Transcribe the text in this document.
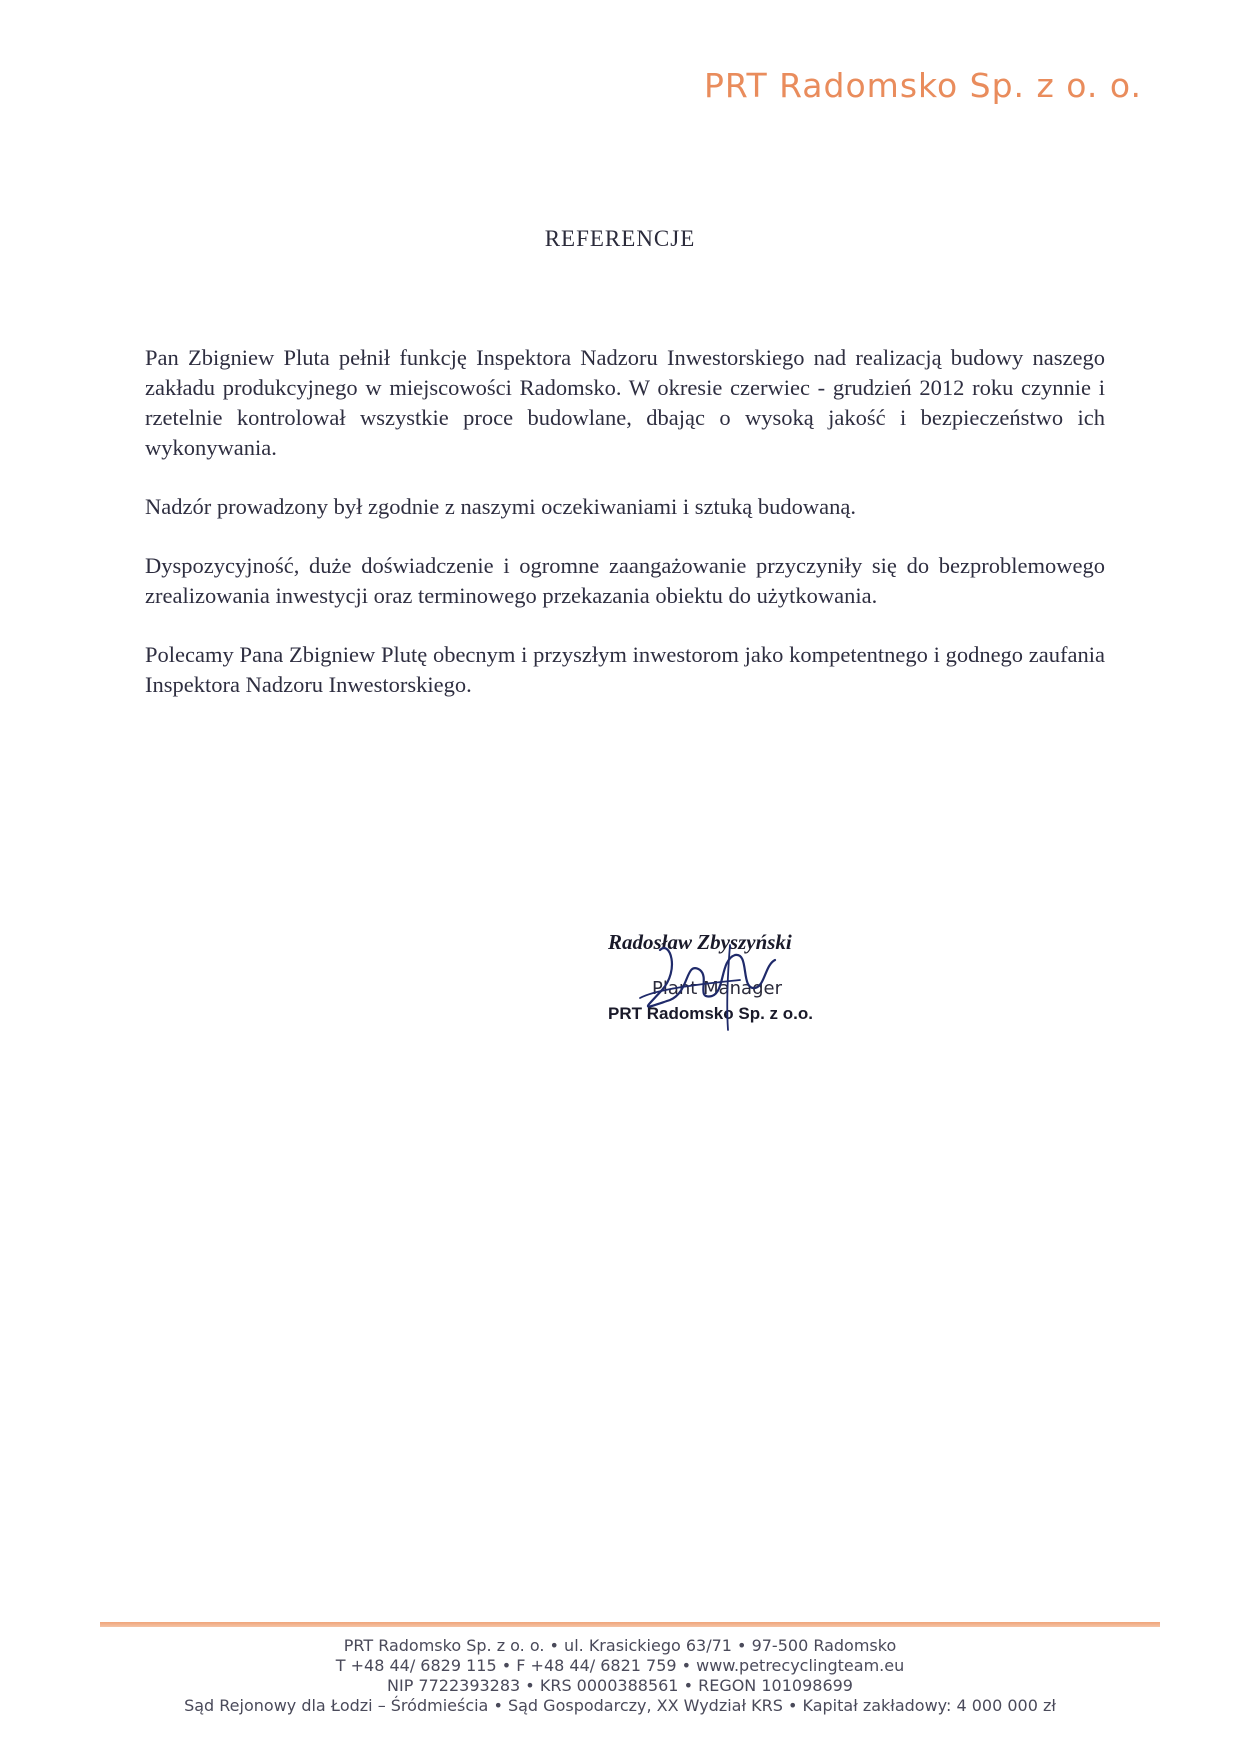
PRT Radomsko Sp. z o. o.
REFERENCJE

Pan Zbigniew Pluta pełnił funkcję Inspektora Nadzoru Inwestorskiego nad realizacją budowy naszego zakładu produkcyjnego w miejscowości Radomsko. W okresie czerwiec - grudzień 2012 roku czynnie i rzetelnie kontrolował wszystkie proce budowlane, dbając o wysoką jakość i bezpieczeństwo ich wykonywania.

Nadzór prowadzony był zgodnie z naszymi oczekiwaniami i sztuką budowaną.

Dyspozycyjność, duże doświadczenie i ogromne zaangażowanie przyczyniły się do bezproblemowego zrealizowania inwestycji oraz terminowego przekazania obiektu do użytkowania.

Polecamy Pana Zbigniew Plutę obecnym i przyszłym inwestorom jako kompetentnego i godnego zaufania Inspektora Nadzoru Inwestorskiego.

Radosław Zbyszyński
Plant Manager
PRT Radomsko Sp. z o.o.
PRT Radomsko Sp. z o. o. • ul. Krasickiego 63/71 • 97-500 Radomsko
T +48 44/ 6829 115 • F +48 44/ 6821 759 • www.petrecyclingteam.eu
NIP 7722393283 • KRS 0000388561 • REGON 101098699
Sąd Rejonowy dla Łodzi – Śródmieścia • Sąd Gospodarczy, XX Wydział KRS • Kapitał zakładowy: 4 000 000 zł
